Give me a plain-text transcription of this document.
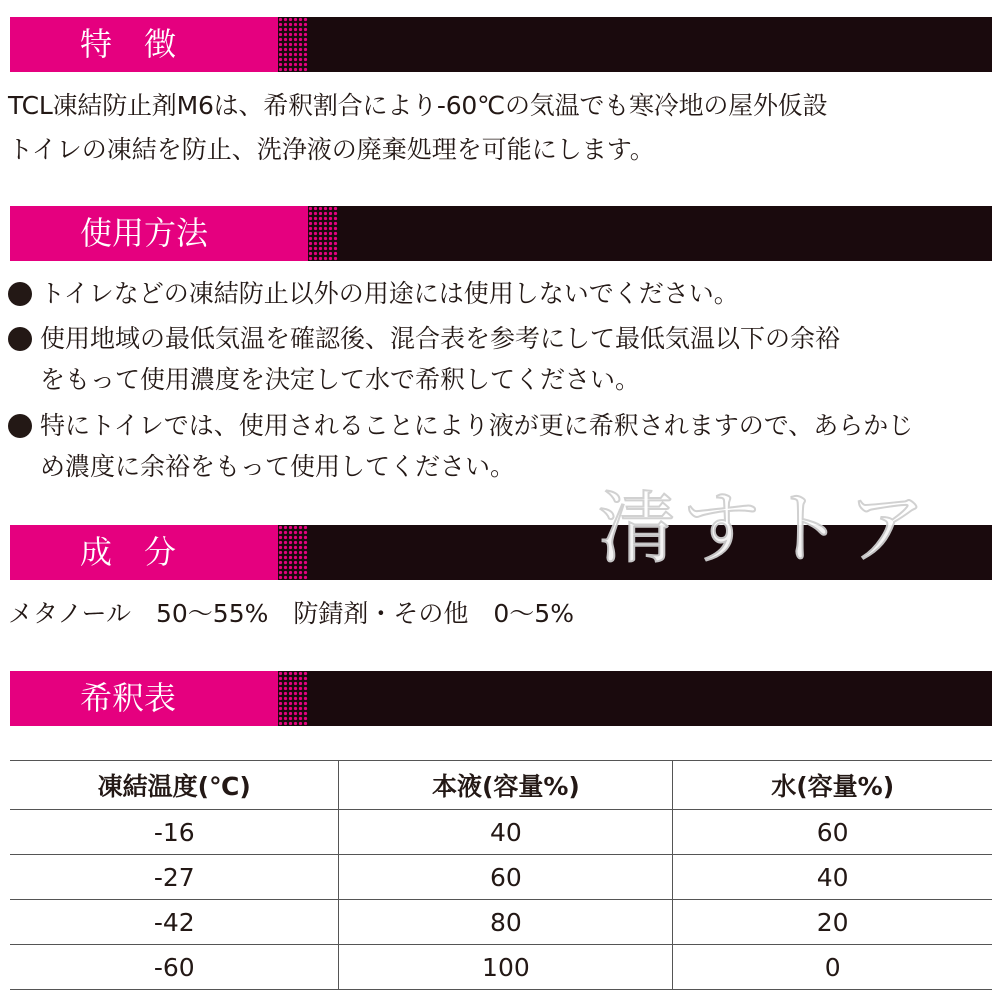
特　徴
TCL凍結防止剤M6は、希釈割合により-60℃の気温でも寒冷地の屋外仮設
トイレの凍結を防止、洗浄液の廃棄処理を可能にします。
使用方法
トイレなどの凍結防止以外の用途には使用しないでください。
使用地域の最低気温を確認後、混合表を参考にして最低気温以下の余裕
をもって使用濃度を決定して水で希釈してください。
特にトイレでは、使用されることにより液が更に希釈されますので、あらかじ
め濃度に余裕をもって使用してください。
成　分
メタノール　50～55%　防錆剤・その他　0～5%
希釈表
凍結温度(℃)	本液(容量%)	水(容量%)
-16	40	60
-27	60	40
-42	80	20
-60	100	0
清すトア
